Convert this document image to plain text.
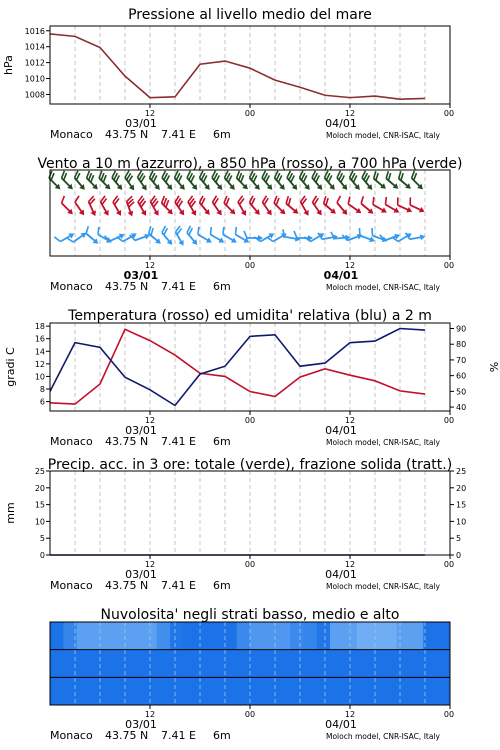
1008
1010
1012
1014
1016
Pressione al livello medio del mare
hPa
12	00	12	00
03/01	04/01
Monaco 43.75 N 7.41 E 6m	Moloch model, CNR-ISAC, Italy
Vento a 10 m (azzurro), a 850 hPa (rosso), a 700 hPa (verde)
12	00	12	00
03/01	04/01
Monaco 43.75 N 7.41 E 6m	Moloch model, CNR-ISAC, Italy
6
8
10
12
14
16
18
40
50
60
70
80
90
Temperatura (rosso) ed umidita' relativa (blu) a 2 m
gradi C	%
12	00	12	00
03/01	04/01
Monaco 43.75 N 7.41 E 6m	Moloch model, CNR-ISAC, Italy
0
5
10
15
20
25
0
5
10
15
20
25
Precip. acc. in 3 ore: totale (verde), frazione solida (tratt.)
mm
12	00	12	00
03/01	04/01
Monaco 43.75 N 7.41 E 6m	Moloch model, CNR-ISAC, Italy
Nuvolosita' negli strati basso, medio e alto
12	00	12	00
03/01	04/01
Monaco 43.75 N 7.41 E 6m	Moloch model, CNR-ISAC, Italy
